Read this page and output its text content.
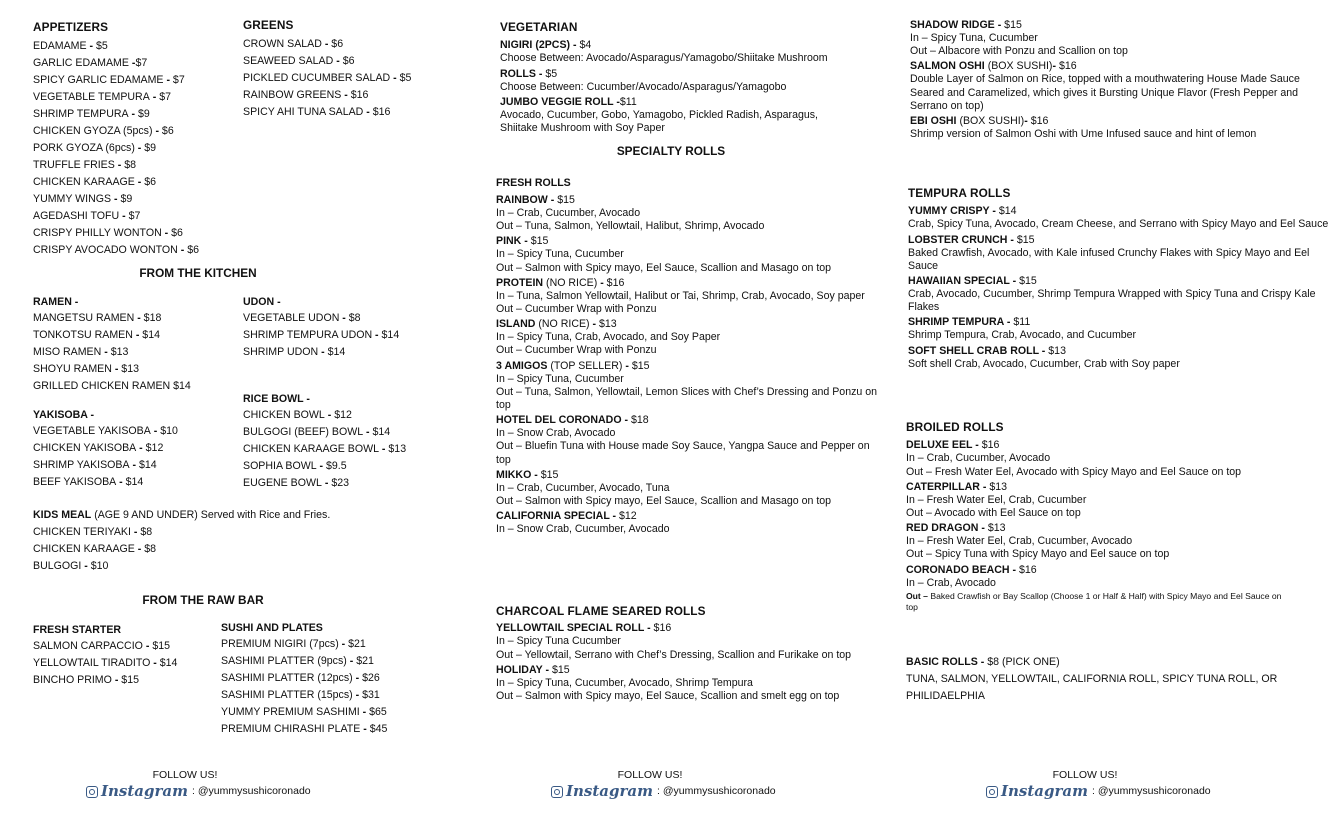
APPETIZERS
EDAMAME - $5
GARLIC EDAMAME -$7
SPICY GARLIC EDAMAME - $7
VEGETABLE TEMPURA - $7
SHRIMP TEMPURA - $9
CHICKEN GYOZA (5pcs) - $6
PORK GYOZA (6pcs) - $9
TRUFFLE FRIES - $8
CHICKEN KARAAGE - $6
YUMMY WINGS - $9
AGEDASHI TOFU - $7
CRISPY PHILLY WONTON - $6
CRISPY AVOCADO WONTON - $6
GREENS
CROWN SALAD - $6
SEAWEED SALAD - $6
PICKLED CUCUMBER SALAD - $5
RAINBOW GREENS - $16
SPICY AHI TUNA SALAD - $16
FROM THE KITCHEN
RAMEN -
MANGETSU RAMEN - $18
TONKOTSU RAMEN - $14
MISO RAMEN - $13
SHOYU RAMEN - $13
GRILLED CHICKEN RAMEN $14
UDON -
VEGETABLE UDON - $8
SHRIMP TEMPURA UDON - $14
SHRIMP UDON - $14
YAKISOBA -
VEGETABLE YAKISOBA - $10
CHICKEN YAKISOBA - $12
SHRIMP YAKISOBA - $14
BEEF YAKISOBA - $14
RICE BOWL -
CHICKEN BOWL - $12
BULGOGI (BEEF) BOWL - $14
CHICKEN KARAAGE BOWL - $13
SOPHIA BOWL - $9.5
EUGENE BOWL - $23
KIDS MEAL (AGE 9 AND UNDER) Served with Rice and Fries.
CHICKEN TERIYAKI - $8
CHICKEN KARAAGE - $8
BULGOGI - $10
FROM THE RAW BAR
FRESH STARTER
SALMON CARPACCIO - $15
YELLOWTAIL TIRADITO - $14
BINCHO PRIMO - $15
SUSHI AND PLATES
PREMIUM NIGIRI (7pcs) - $21
SASHIMI PLATTER (9pcs) - $21
SASHIMI PLATTER (12pcs) - $26
SASHIMI PLATTER (15pcs) - $31
YUMMY PREMIUM SASHIMI - $65
PREMIUM CHIRASHI PLATE - $45
VEGETARIAN
NIGIRI (2PCS) - $4
Choose Between: Avocado/Asparagus/Yamagobo/Shiitake Mushroom
ROLLS - $5
Choose Between: Cucumber/Avocado/Asparagus/Yamagobo
JUMBO VEGGIE ROLL -$11
Avocado, Cucumber, Gobo, Yamagobo, Pickled Radish, Asparagus,
Shiitake Mushroom with Soy Paper
SPECIALTY ROLLS
FRESH ROLLS
RAINBOW - $15
In – Crab, Cucumber, Avocado
Out – Tuna, Salmon, Yellowtail, Halibut, Shrimp, Avocado
PINK - $15
In – Spicy Tuna, Cucumber
Out – Salmon with Spicy mayo, Eel Sauce, Scallion and Masago on top
PROTEIN (NO RICE) - $16
In – Tuna, Salmon Yellowtail, Halibut or Tai, Shrimp, Crab, Avocado, Soy paper
Out – Cucumber Wrap with Ponzu
ISLAND (NO RICE) - $13
In – Spicy Tuna, Crab, Avocado, and Soy Paper
Out – Cucumber Wrap with Ponzu
3 AMIGOS (TOP SELLER) - $15
In – Spicy Tuna, Cucumber
Out – Tuna, Salmon, Yellowtail, Lemon Slices with Chef’s Dressing and Ponzu on
top
HOTEL DEL CORONADO - $18
In – Snow Crab, Avocado
Out – Bluefin Tuna with House made Soy Sauce, Yangpa Sauce and Pepper on
top
MIKKO - $15
In – Crab, Cucumber, Avocado, Tuna
Out – Salmon with Spicy mayo, Eel Sauce, Scallion and Masago on top
CALIFORNIA SPECIAL - $12
In – Snow Crab, Cucumber, Avocado
CHARCOAL FLAME SEARED ROLLS
YELLOWTAIL SPECIAL ROLL - $16
In – Spicy Tuna Cucumber
Out – Yellowtail, Serrano with Chef’s Dressing, Scallion and Furikake on top
HOLIDAY - $15
In – Spicy Tuna, Cucumber, Avocado, Shrimp Tempura
Out – Salmon with Spicy mayo, Eel Sauce, Scallion and smelt egg on top
SHADOW RIDGE - $15
In – Spicy Tuna, Cucumber
Out – Albacore with Ponzu and Scallion on top
SALMON OSHI (BOX SUSHI)- $16
Double Layer of Salmon on Rice, topped with a mouthwatering House Made Sauce
Seared and Caramelized, which gives it Bursting Unique Flavor (Fresh Pepper and
Serrano on top)
EBI OSHI (BOX SUSHI)- $16
Shrimp version of Salmon Oshi with Ume Infused sauce and hint of lemon
TEMPURA ROLLS
YUMMY CRISPY - $14
Crab, Spicy Tuna, Avocado, Cream Cheese, and Serrano with Spicy Mayo and Eel Sauce
LOBSTER CRUNCH - $15
Baked Crawfish, Avocado, with Kale infused Crunchy Flakes with Spicy Mayo and Eel
Sauce
HAWAIIAN SPECIAL - $15
Crab, Avocado, Cucumber, Shrimp Tempura Wrapped with Spicy Tuna and Crispy Kale
Flakes
SHRIMP TEMPURA - $11
Shrimp Tempura, Crab, Avocado, and Cucumber
SOFT SHELL CRAB ROLL - $13
Soft shell Crab, Avocado, Cucumber, Crab with Soy paper
BROILED ROLLS
DELUXE EEL - $16
In – Crab, Cucumber, Avocado
Out – Fresh Water Eel, Avocado with Spicy Mayo and Eel Sauce on top
CATERPILLAR - $13
In – Fresh Water Eel, Crab, Cucumber
Out – Avocado with Eel Sauce on top
RED DRAGON - $13
In – Fresh Water Eel, Crab, Cucumber, Avocado
Out – Spicy Tuna with Spicy Mayo and Eel sauce on top
CORONADO BEACH - $16
In – Crab, Avocado
Out – Baked Crawfish or Bay Scallop (Choose 1 or Half & Half) with Spicy Mayo and Eel Sauce on
top
BASIC ROLLS - $8 (PICK ONE)
TUNA, SALMON, YELLOWTAIL, CALIFORNIA ROLL, SPICY TUNA ROLL, OR
PHILIDAELPHIA
FOLLOW US!
Instagram : @yummysushicoronado
FOLLOW US!
Instagram : @yummysushicoronado
FOLLOW US!
Instagram : @yummysushicoronado
